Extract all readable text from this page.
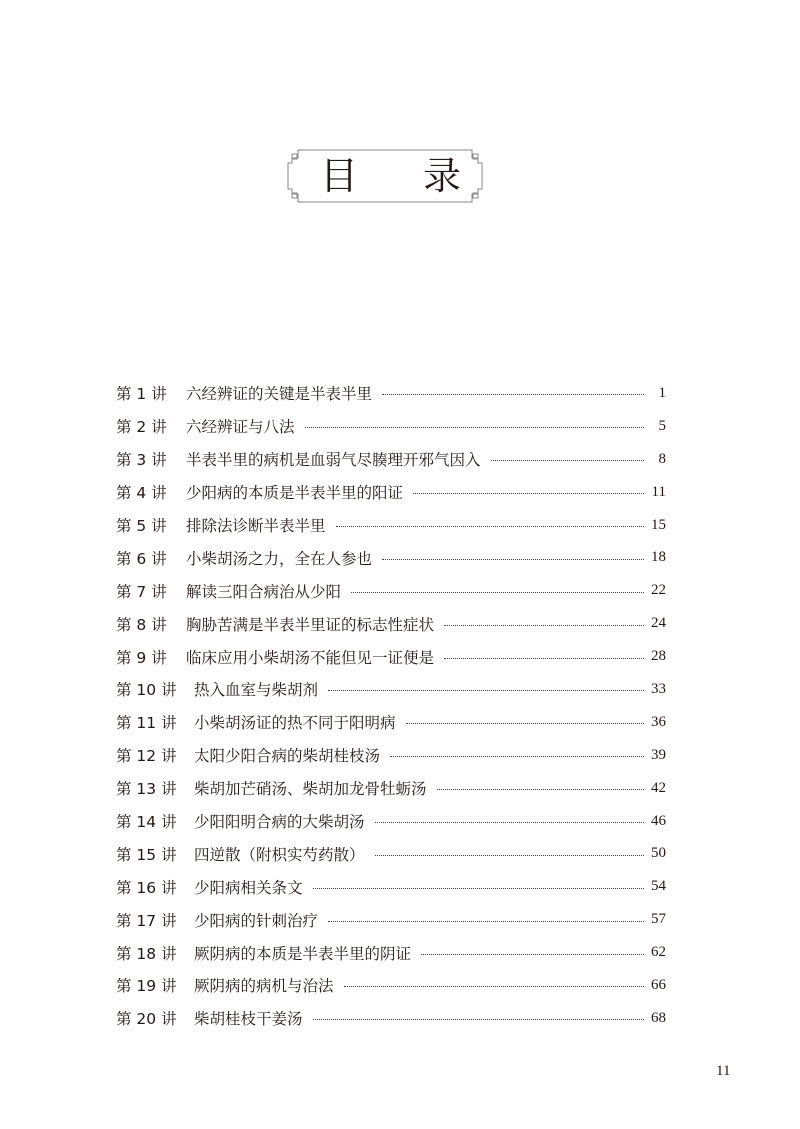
目 录
第 1 讲	六经辨证的关键是半表半里	1
第 2 讲	六经辨证与八法	5
第 3 讲	半表半里的病机是血弱气尽腠理开邪气因入	8
第 4 讲	少阳病的本质是半表半里的阳证	11
第 5 讲	排除法诊断半表半里	15
第 6 讲	小柴胡汤之力，全在人参也	18
第 7 讲	解读三阳合病治从少阳	22
第 8 讲	胸胁苦满是半表半里证的标志性症状	24
第 9 讲	临床应用小柴胡汤不能但见一证便是	28
第 10 讲	热入血室与柴胡剂	33
第 11 讲	小柴胡汤证的热不同于阳明病	36
第 12 讲	太阳少阳合病的柴胡桂枝汤	39
第 13 讲	柴胡加芒硝汤、柴胡加龙骨牡蛎汤	42
第 14 讲	少阳阳明合病的大柴胡汤	46
第 15 讲	四逆散（附枳实芍药散）	50
第 16 讲	少阳病相关条文	54
第 17 讲	少阳病的针刺治疗	57
第 18 讲	厥阴病的本质是半表半里的阴证	62
第 19 讲	厥阴病的病机与治法	66
第 20 讲	柴胡桂枝干姜汤	68
11
